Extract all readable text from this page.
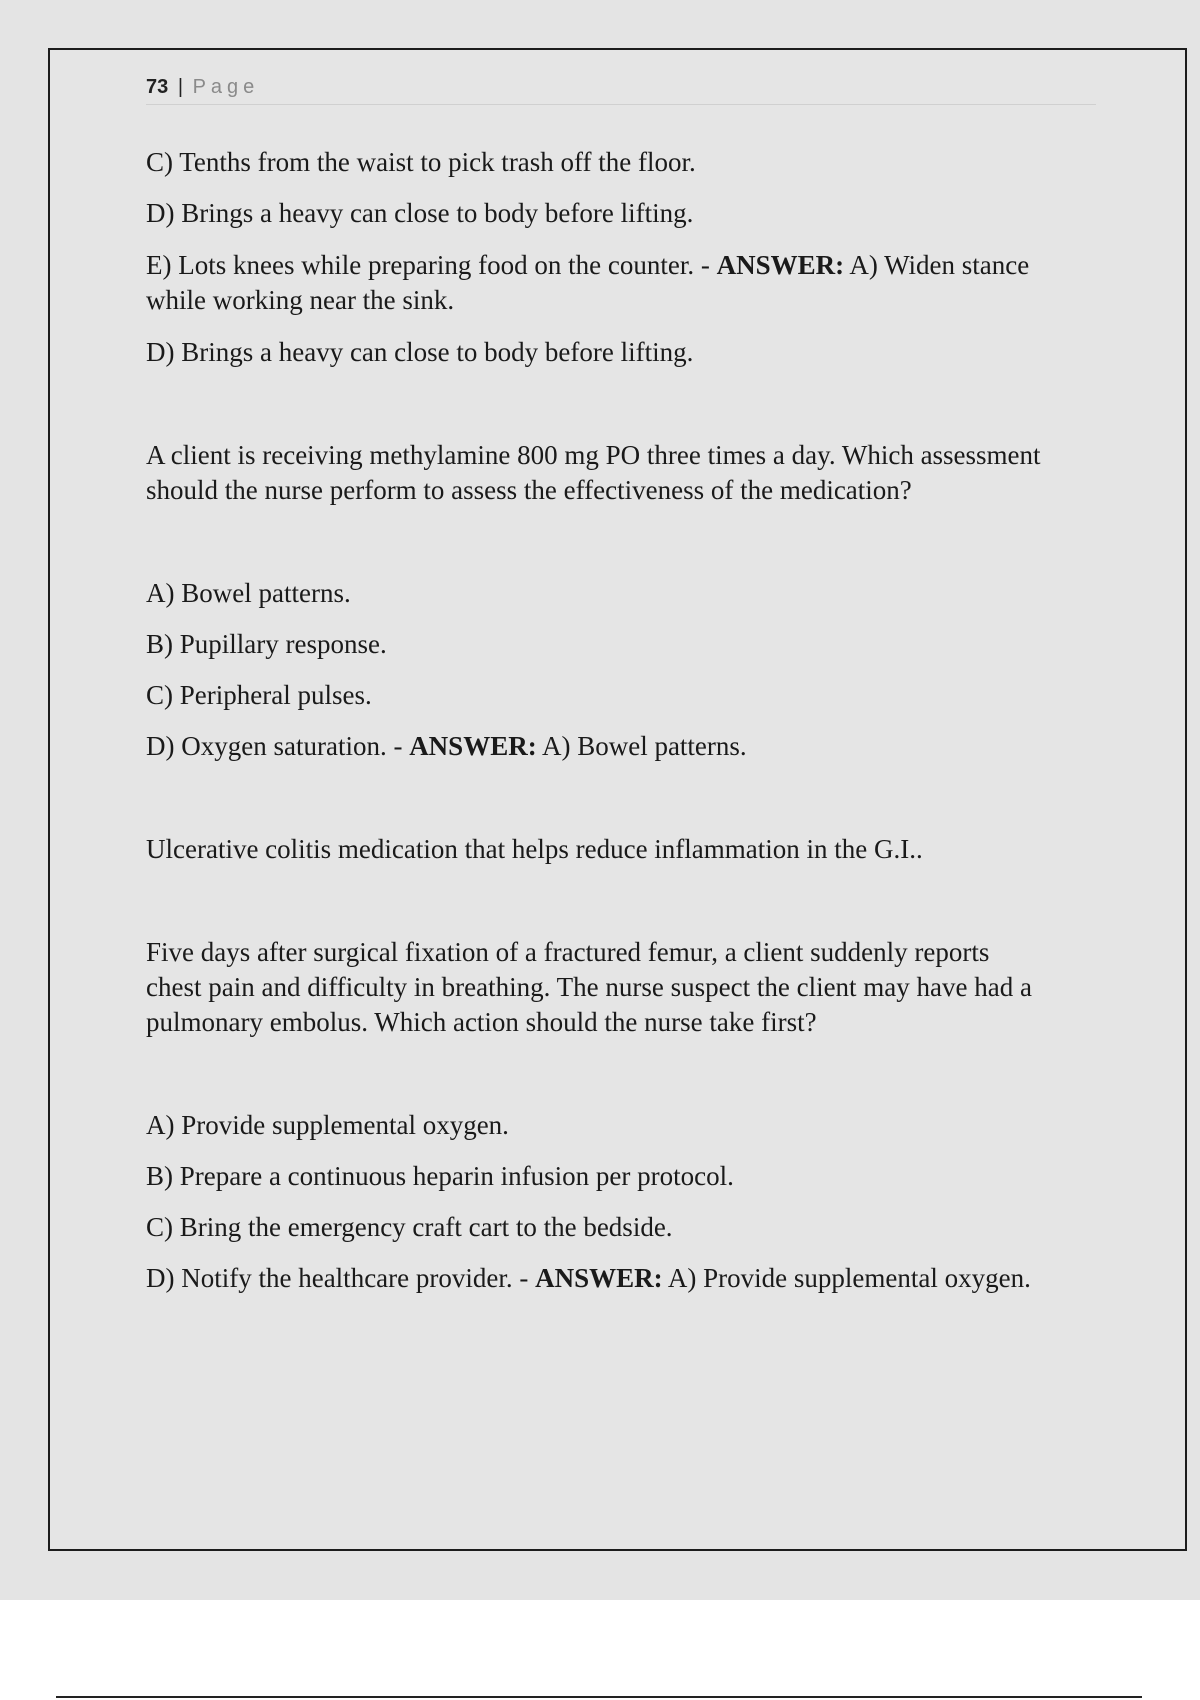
73 | Page
C) Tenths from the waist to pick trash off the floor.
D) Brings a heavy can close to body before lifting.
E) Lots knees while preparing food on the counter. - ANSWER: A) Widen stance
while working near the sink.
D) Brings a heavy can close to body before lifting.
A client is receiving methylamine 800 mg PO three times a day. Which assessment
should the nurse perform to assess the effectiveness of the medication?
A) Bowel patterns.
B) Pupillary response.
C) Peripheral pulses.
D) Oxygen saturation. - ANSWER: A) Bowel patterns.
Ulcerative colitis medication that helps reduce inflammation in the G.I..
Five days after surgical fixation of a fractured femur, a client suddenly reports
chest pain and difficulty in breathing. The nurse suspect the client may have had a
pulmonary embolus. Which action should the nurse take first?
A) Provide supplemental oxygen.
B) Prepare a continuous heparin infusion per protocol.
C) Bring the emergency craft cart to the bedside.
D) Notify the healthcare provider. - ANSWER: A) Provide supplemental oxygen.
